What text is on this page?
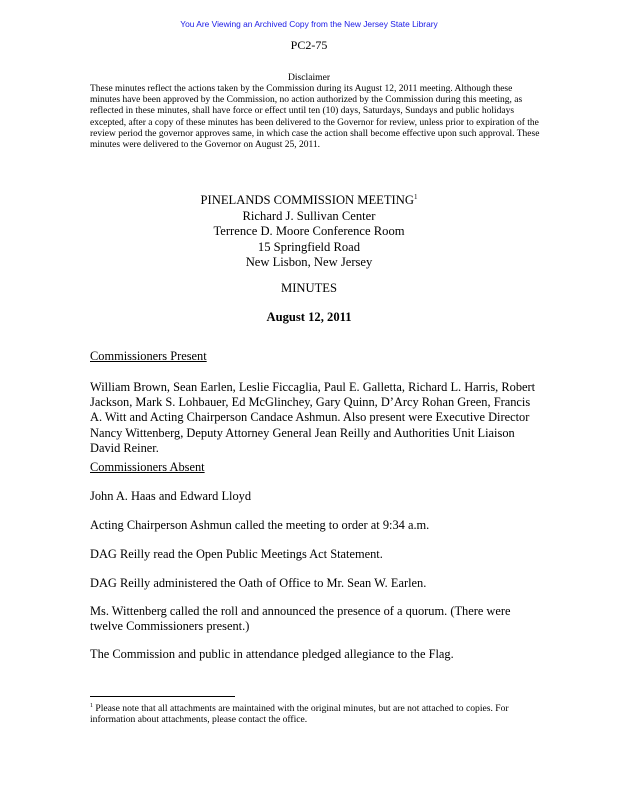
You Are Viewing an Archived Copy from the New Jersey State Library
PC2-75
Disclaimer
These minutes reflect the actions taken by the Commission during its August 12, 2011 meeting. Although these minutes have been approved by the Commission, no action authorized by the Commission during this meeting, as reflected in these minutes, shall have force or effect until ten (10) days, Saturdays, Sundays and public holidays excepted, after a copy of these minutes has been delivered to the Governor for review, unless prior to expiration of the review period the governor approves same, in which case the action shall become effective upon such approval. These minutes were delivered to the Governor on August 25, 2011.
PINELANDS COMMISSION MEETING$^1$
Richard J. Sullivan Center
Terrence D. Moore Conference Room
15 Springfield Road
New Lisbon, New Jersey
MINUTES
August 12, 2011
Commissioners Present
William Brown, Sean Earlen, Leslie Ficcaglia, Paul E. Galletta, Richard L. Harris, Robert Jackson, Mark S. Lohbauer, Ed McGlinchey, Gary Quinn, D’Arcy Rohan Green, Francis A. Witt and Acting Chairperson Candace Ashmun. Also present were Executive Director Nancy Wittenberg, Deputy Attorney General Jean Reilly and Authorities Unit Liaison David Reiner.
Commissioners Absent
John A. Haas and Edward Lloyd
Acting Chairperson Ashmun called the meeting to order at 9:34 a.m.
DAG Reilly read the Open Public Meetings Act Statement.
DAG Reilly administered the Oath of Office to Mr. Sean W. Earlen.
Ms. Wittenberg called the roll and announced the presence of a quorum. (There were twelve Commissioners present.)
The Commission and public in attendance pledged allegiance to the Flag.
$^1$ Please note that all attachments are maintained with the original minutes, but are not attached to copies. For information about attachments, please contact the office.
